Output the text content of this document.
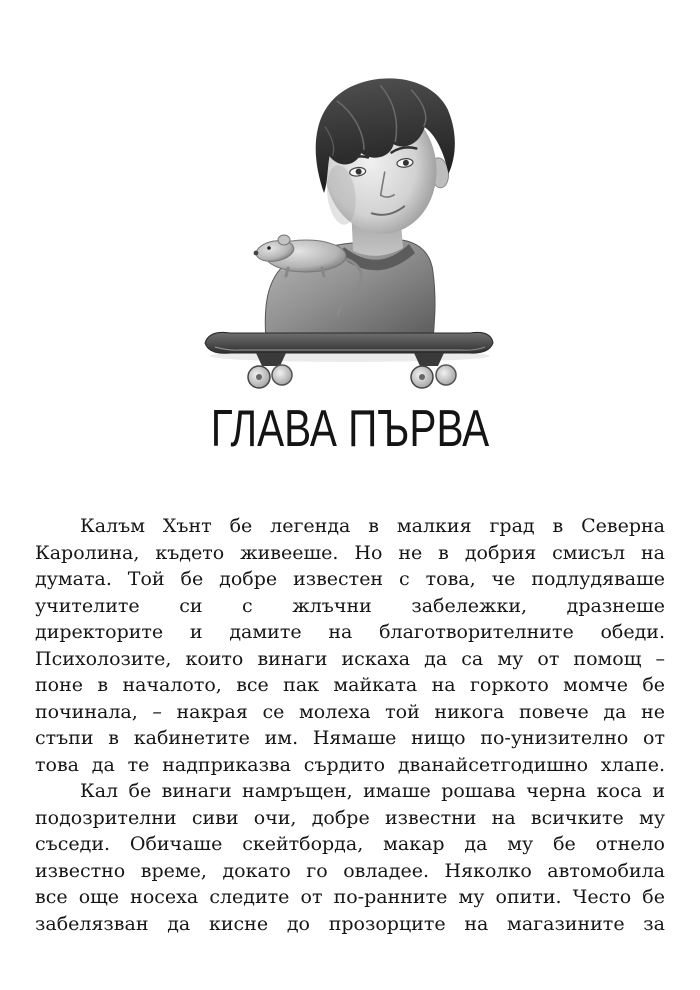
ГЛАВА ПЪРВА
Калъм Хънт бе легенда в малкия град в Северна
Каролина, където живееше. Но не в добрия смисъл на
думата. Той бе добре известен с това, че подлудяваше
учителите си с жлъчни забележки, дразнеше
директорите и дамите на благотворителните обеди.
Психолозите, които винаги искаха да са му от помощ –
поне в началото, все пак майката на горкото момче бе
починала, – накрая се молеха той никога повече да не
стъпи в кабинетите им. Нямаше нищо по-унизително от
това да те надприказва сърдито дванайсетгодишно хлапе.
Кал бе винаги намръщен, имаше рошава черна коса и
подозрителни сиви очи, добре известни на всичките му
съседи. Обичаше скейтборда, макар да му бе отнело
известно време, докато го овладее. Няколко автомобила
все още носеха следите от по-ранните му опити. Често бе
забелязван да кисне до прозорците на магазините за
